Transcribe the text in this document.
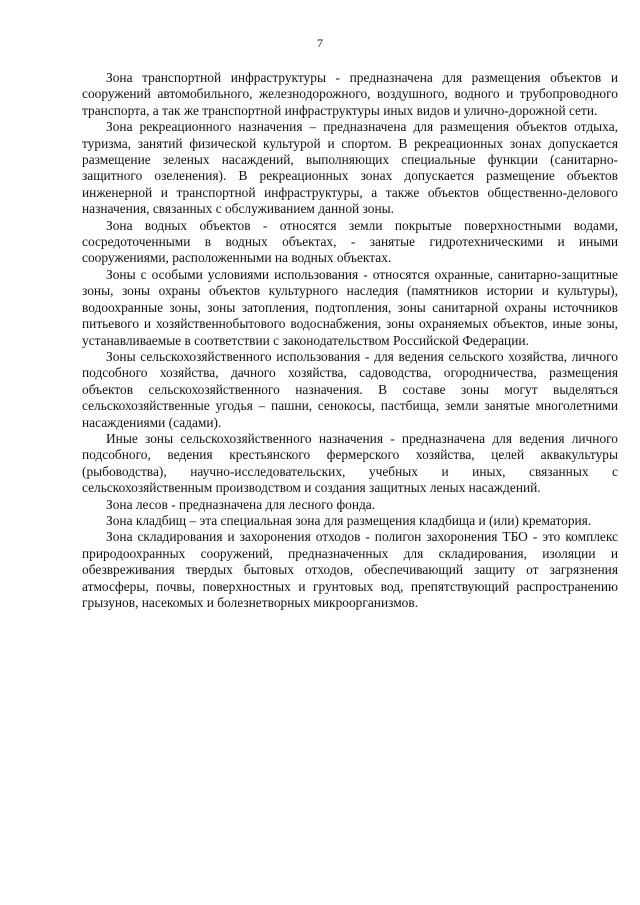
7

Зона транспортной инфраструктуры - предназначена для размещения объектов и сооружений автомобильного, железнодорожного, воздушного, водного и трубопроводного транспорта, а так же транспортной инфраструктуры иных видов и улично-дорожной сети.

Зона рекреационного назначения – предназначена для размещения объектов отдыха, туризма, занятий физической культурой и спортом. В рекреационных зонах допускается размещение зеленых насаждений, выполняющих специальные функции (санитарно-защитного озеленения). В рекреационных зонах допускается размещение объектов инженерной и транспортной инфраструктуры, а также объектов общественно-делового назначения, связанных с обслуживанием данной зоны.

Зона водных объектов - относятся земли покрытые поверхностными водами, сосредоточенными в водных объектах, - занятые гидротехническими и иными сооружениями, расположенными на водных объектах.

Зоны с особыми условиями использования - относятся охранные, санитарно-защитные зоны, зоны охраны объектов культурного наследия (памятников истории и культуры), водоохранные зоны, зоны затопления, подтопления, зоны санитарной охраны источников питьевого и хозяйственнобытового водоснабжения, зоны охраняемых объектов, иные зоны, устанавливаемые в соответствии с законодательством Российской Федерации.

Зоны сельскохозяйственного использования - для ведения сельского хозяйства, личного подсобного хозяйства, дачного хозяйства, садоводства, огородничества, размещения объектов сельскохозяйственного назначения. В составе зоны могут выделяться сельскохозяйственные угодья – пашни, сенокосы, пастбища, земли занятые многолетними насаждениями (садами).

Иные зоны сельскохозяйственного назначения - предназначена для ведения личного подсобного, ведения крестьянского фермерского хозяйства, целей аквакультуры (рыбоводства), научно-исследовательских, учебных и иных, связанных с сельскохозяйственным производством и создания защитных леных насаждений.

Зона лесов - предназначена для лесного фонда.

Зона кладбищ – эта специальная зона для размещения кладбища и (или) крематория.

Зона складирования и захоронения отходов - полигон захоронения ТБО - это комплекс природоохранных сооружений, предназначенных для складирования, изоляции и обезвреживания твердых бытовых отходов, обеспечивающий защиту от загрязнения атмосферы, почвы, поверхностных и грунтовых вод, препятствующий распространению грызунов, насекомых и болезнетворных микроорганизмов.
